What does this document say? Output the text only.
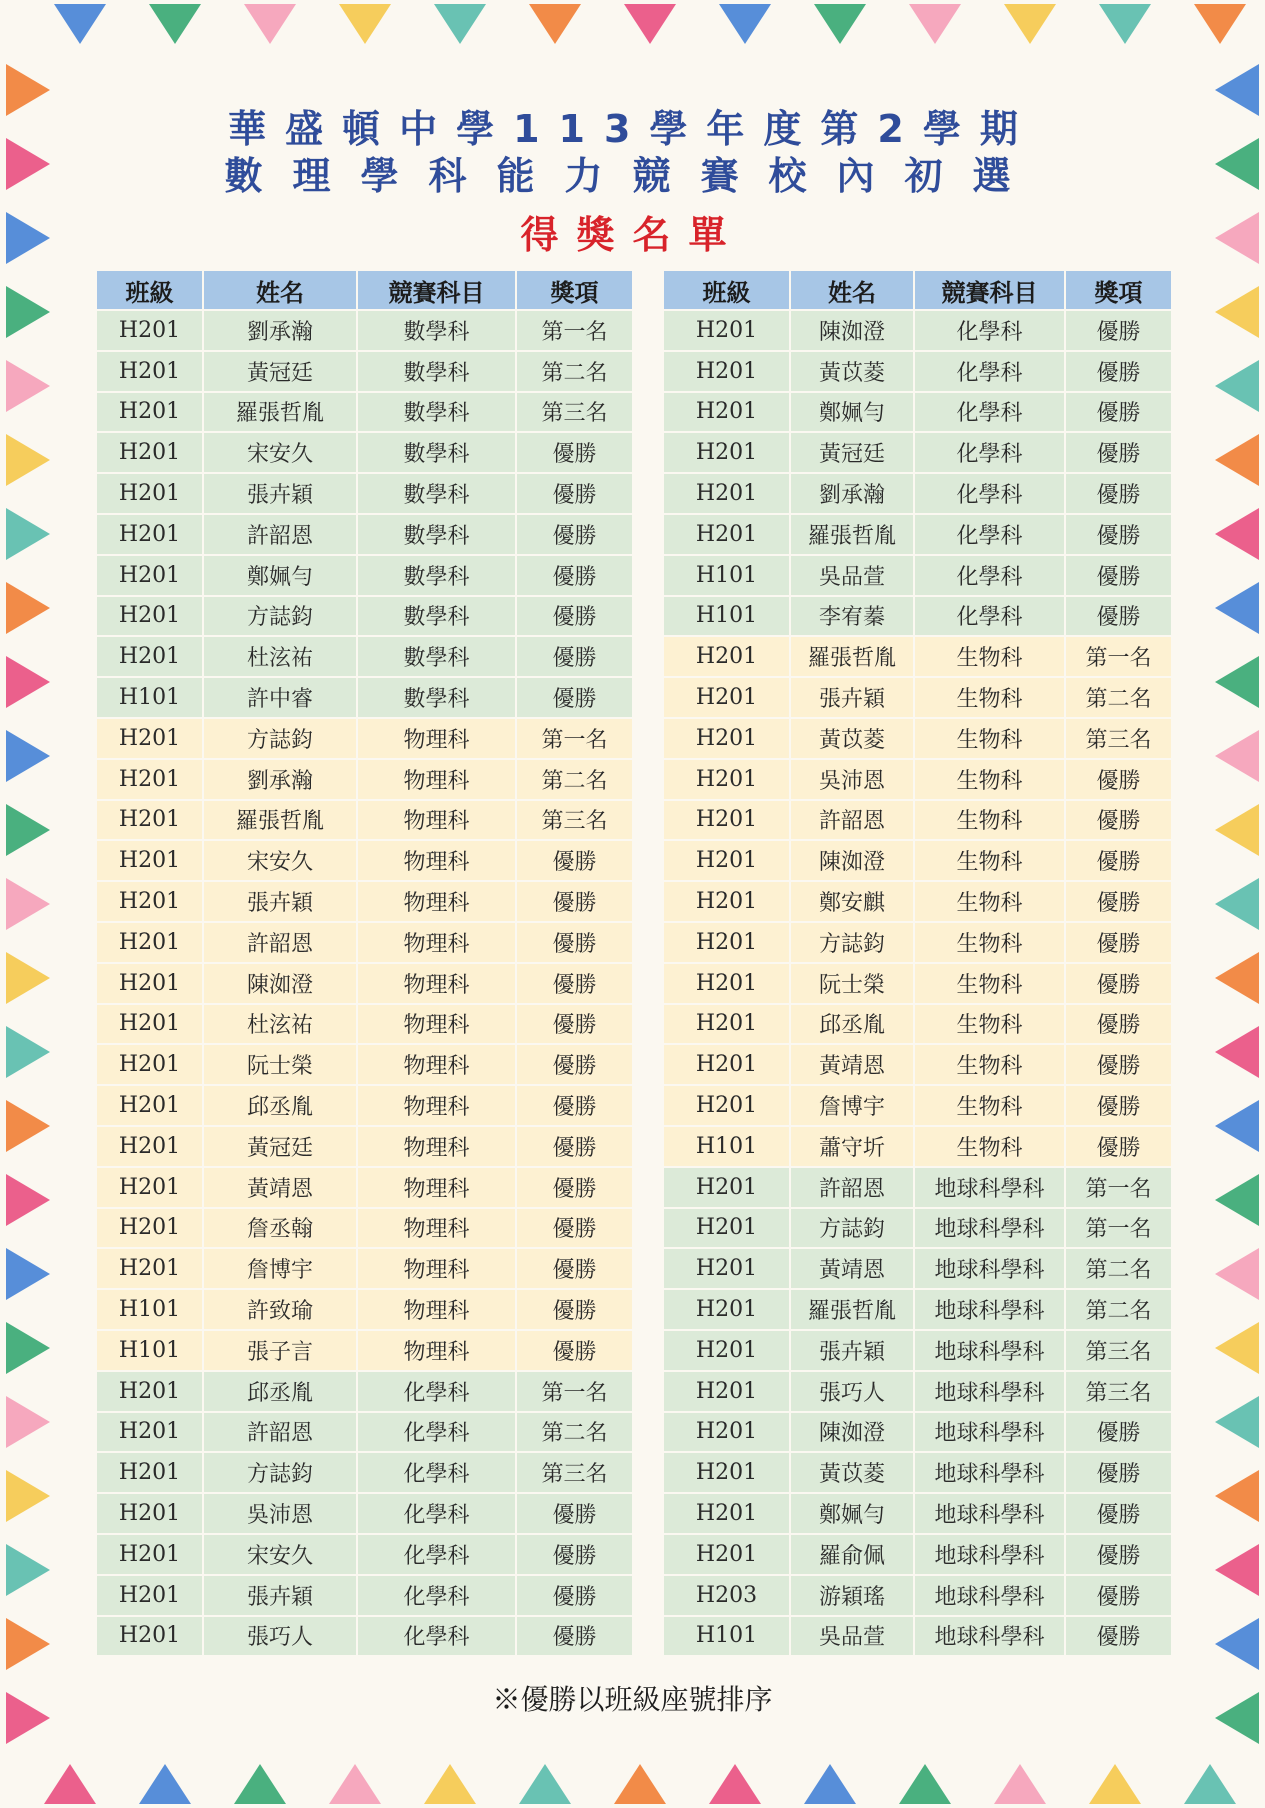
華盛頓中學113學年度第2學期
數理學科能力競賽校內初選
得獎名單
班級	姓名	競賽科目	獎項
H201	劉承瀚	數學科	第一名
H201	黃冠廷	數學科	第二名
H201	羅張哲胤	數學科	第三名
H201	宋安久	數學科	優勝
H201	張卉穎	數學科	優勝
H201	許韶恩	數學科	優勝
H201	鄭姵勻	數學科	優勝
H201	方誌鈞	數學科	優勝
H201	杜泫祐	數學科	優勝
H101	許中睿	數學科	優勝
H201	方誌鈞	物理科	第一名
H201	劉承瀚	物理科	第二名
H201	羅張哲胤	物理科	第三名
H201	宋安久	物理科	優勝
H201	張卉穎	物理科	優勝
H201	許韶恩	物理科	優勝
H201	陳洳澄	物理科	優勝
H201	杜泫祐	物理科	優勝
H201	阮士榮	物理科	優勝
H201	邱丞胤	物理科	優勝
H201	黃冠廷	物理科	優勝
H201	黃靖恩	物理科	優勝
H201	詹丞翰	物理科	優勝
H201	詹博宇	物理科	優勝
H101	許致瑜	物理科	優勝
H101	張子言	物理科	優勝
H201	邱丞胤	化學科	第一名
H201	許韶恩	化學科	第二名
H201	方誌鈞	化學科	第三名
H201	吳沛恩	化學科	優勝
H201	宋安久	化學科	優勝
H201	張卉穎	化學科	優勝
H201	張巧人	化學科	優勝
班級	姓名	競賽科目	獎項
H201	陳洳澄	化學科	優勝
H201	黃苡菱	化學科	優勝
H201	鄭姵勻	化學科	優勝
H201	黃冠廷	化學科	優勝
H201	劉承瀚	化學科	優勝
H201	羅張哲胤	化學科	優勝
H101	吳品萱	化學科	優勝
H101	李宥蓁	化學科	優勝
H201	羅張哲胤	生物科	第一名
H201	張卉穎	生物科	第二名
H201	黃苡菱	生物科	第三名
H201	吳沛恩	生物科	優勝
H201	許韶恩	生物科	優勝
H201	陳洳澄	生物科	優勝
H201	鄭安麒	生物科	優勝
H201	方誌鈞	生物科	優勝
H201	阮士榮	生物科	優勝
H201	邱丞胤	生物科	優勝
H201	黃靖恩	生物科	優勝
H201	詹博宇	生物科	優勝
H101	蕭守圻	生物科	優勝
H201	許韶恩	地球科學科	第一名
H201	方誌鈞	地球科學科	第一名
H201	黃靖恩	地球科學科	第二名
H201	羅張哲胤	地球科學科	第二名
H201	張卉穎	地球科學科	第三名
H201	張巧人	地球科學科	第三名
H201	陳洳澄	地球科學科	優勝
H201	黃苡菱	地球科學科	優勝
H201	鄭姵勻	地球科學科	優勝
H201	羅俞佩	地球科學科	優勝
H203	游穎瑤	地球科學科	優勝
H101	吳品萱	地球科學科	優勝
※優勝以班級座號排序
